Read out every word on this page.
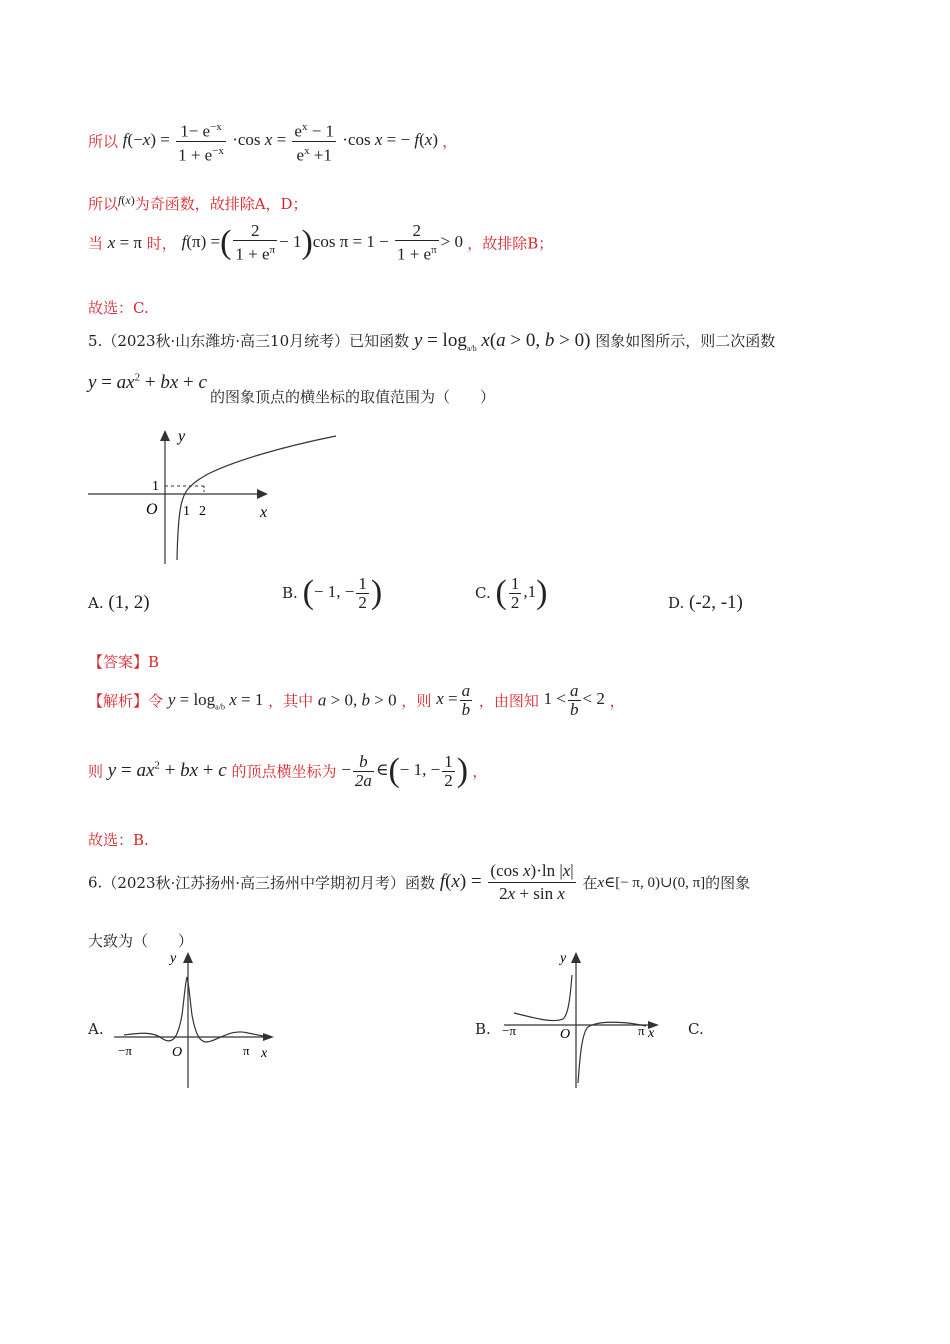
所以 $f(-x) = \frac{1- e^{-x}}{1 + e^{-x}} \cdot\cos$ $x = \frac{e^x - 1}{e^x +1} \cdot\cos$ x = − f(x) ，
所以$^{f(x)}$为奇函数，故排除A，D；
当 x = π 时， f(π) =( $\frac{2}{1 + e^\pi} - 1)\cos$ $\pi = 1 - \frac{2}{1 + e^\pi} > 0$ ，故排除B；
故选：C.
5.（2023秋·山东潍坊·高三10月统考）已知函数 $y = \log_{a/b} x(a > 0$, b > 0) 图象如图所示，则二次函数
$y = ax^2$ + bx + c
的图象顶点的横坐标的取值范围为（　　）
y
x
O
1
1 2
A. (1, 2)	B. (− 1, − $\frac{1}{2}$ )	C. ( $\frac{1}{2} ,1$)	D. (-2, -1)
【答案】B
【解析】令 $y = \log_{a/b} x = 1$ ，其中 a > 0, b > 0 ，则 $x = \frac{a}{b}$ ，由图知 $1 < \frac{a}{b} < 2$ ，
则 $y = ax^2$ + bx + c 的顶点横坐标为 − $\frac{b}{2a}$ ∈(− 1, − $\frac{1}{2}$ ) ，
故选：B.
6.（2023秋·江苏扬州·高三扬州中学期初月考）函数 $f(x) = \frac{\text{(cos x)·ln |x|}}{\text{2x + sin x}}$ 在x∈[− π, 0)∪(0, π]的图象
大致为（　　）
A.
y
x
−π	π
O
B.
y
x
−π	π
O	C.
